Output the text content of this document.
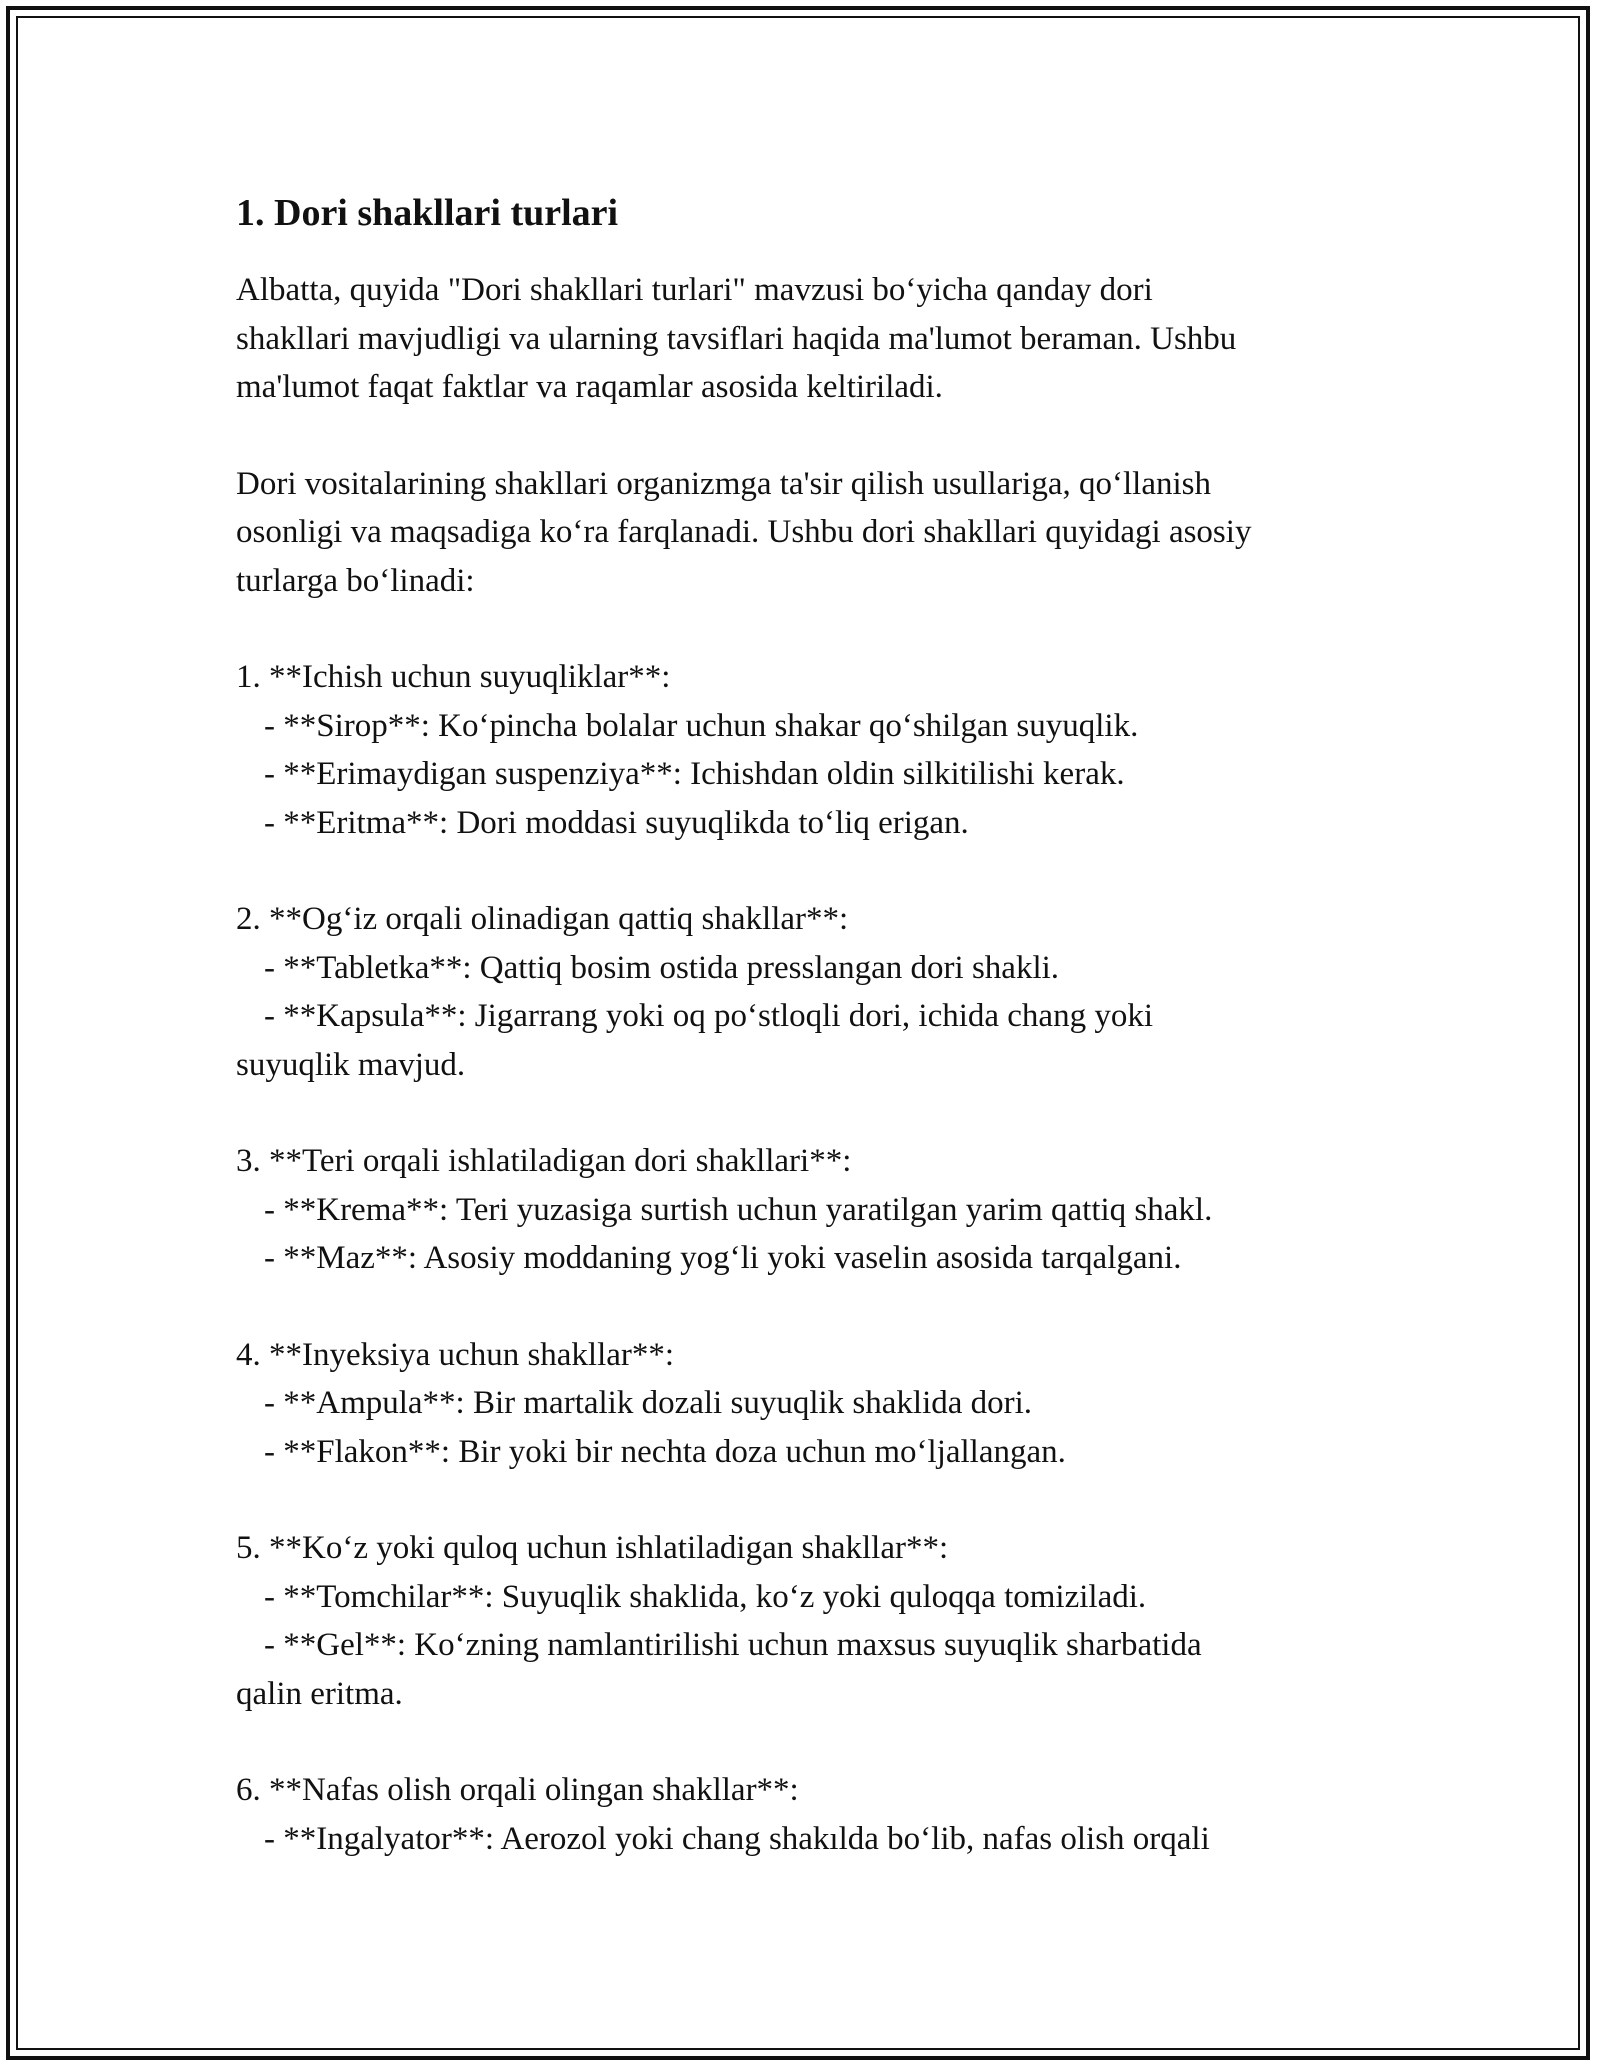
1. Dori shakllari turlari

Albatta, quyida "Dori shakllari turlari" mavzusi bo‘yicha qanday dori
shakllari mavjudligi va ularning tavsiflari haqida ma'lumot beraman. Ushbu
ma'lumot faqat faktlar va raqamlar asosida keltiriladi.

Dori vositalarining shakllari organizmga ta'sir qilish usullariga, qo‘llanish
osonligi va maqsadiga ko‘ra farqlanadi. Ushbu dori shakllari quyidagi asosiy
turlarga bo‘linadi:

1. **Ichish uchun suyuqliklar**:
- **Sirop**: Ko‘pincha bolalar uchun shakar qo‘shilgan suyuqlik.
- **Erimaydigan suspenziya**: Ichishdan oldin silkitilishi kerak.
- **Eritma**: Dori moddasi suyuqlikda to‘liq erigan.
2. **Og‘iz orqali olinadigan qattiq shakllar**:
- **Tabletka**: Qattiq bosim ostida presslangan dori shakli.
- **Kapsula**: Jigarrang yoki oq po‘stloqli dori, ichida chang yoki
suyuqlik mavjud.
3. **Teri orqali ishlatiladigan dori shakllari**:
- **Krema**: Teri yuzasiga surtish uchun yaratilgan yarim qattiq shakl.
- **Maz**: Asosiy moddaning yog‘li yoki vaselin asosida tarqalgani.
4. **Inyeksiya uchun shakllar**:
- **Ampula**: Bir martalik dozali suyuqlik shaklida dori.
- **Flakon**: Bir yoki bir nechta doza uchun mo‘ljallangan.
5. **Ko‘z yoki quloq uchun ishlatiladigan shakllar**:
- **Tomchilar**: Suyuqlik shaklida, ko‘z yoki quloqqa tomiziladi.
- **Gel**: Ko‘zning namlantirilishi uchun maxsus suyuqlik sharbatida
qalin eritma.
6. **Nafas olish orqali olingan shakllar**:
- **Ingalyator**: Aerozol yoki chang shakılda bo‘lib, nafas olish orqali
